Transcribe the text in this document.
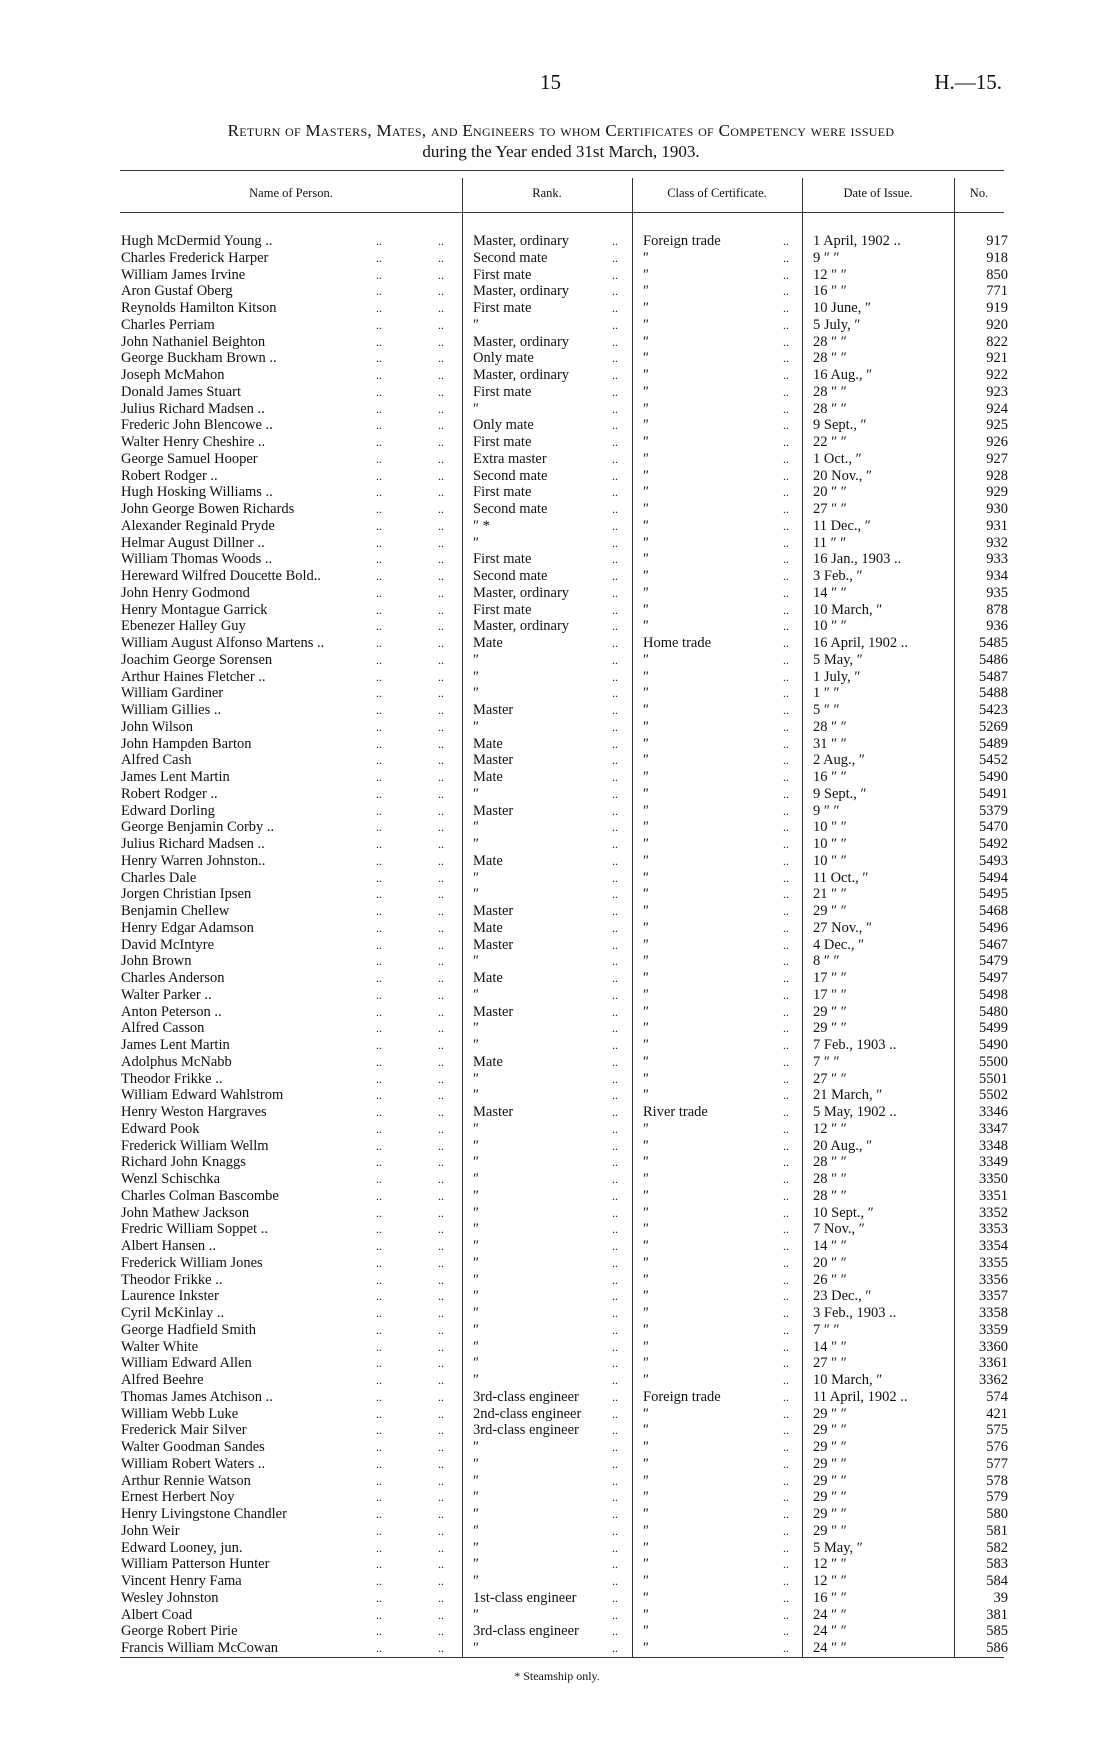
15	H.—15.
Return of Masters, Mates, and Engineers to whom Certificates of Competency were issued
during the Year ended 31st March, 1903.
Name of Person.	Rank.	Class of Certificate.	Date of Issue.	No.
Hugh McDermid Young ..	Master, ordinary	Foreign trade	1 April, 1902 ..	917
..	..	..	..
Charles Frederick Harper	Second mate	″	9 ″ ″	918
..	..	..	..
William James Irvine	First mate	″	12 ″ ″	850
..	..	..	..
Aron Gustaf Oberg	Master, ordinary	″	16 ″ ″	771
..	..	..	..
Reynolds Hamilton Kitson	First mate	″	10 June, ″	919
..	..	..	..
Charles Perriam	″	″	5 July, ″	920
..	..	..	..
John Nathaniel Beighton	Master, ordinary	″	28 ″ ″	822
..	..	..	..
George Buckham Brown ..	Only mate	″	28 ″ ″	921
..	..	..	..
Joseph McMahon	Master, ordinary	″	16 Aug., ″	922
..	..	..	..
Donald James Stuart	First mate	″	28 ″ ″	923
..	..	..	..
Julius Richard Madsen ..	″	″	28 ″ ″	924
..	..	..	..
Frederic John Blencowe ..	Only mate	″	9 Sept., ″	925
..	..	..	..
Walter Henry Cheshire ..	First mate	″	22 ″ ″	926
..	..	..	..
George Samuel Hooper	Extra master	″	1 Oct., ″	927
..	..	..	..
Robert Rodger ..	Second mate	″	20 Nov., ″	928
..	..	..	..
Hugh Hosking Williams ..	First mate	″	20 ″ ″	929
..	..	..	..
John George Bowen Richards	Second mate	″	27 ″ ″	930
..	..	..	..
Alexander Reginald Pryde	″ *	″	11 Dec., ″	931
..	..	..	..
Helmar August Dillner ..	″	″	11 ″ ″	932
..	..	..	..
William Thomas Woods ..	First mate	″	16 Jan., 1903 ..	933
..	..	..	..
Hereward Wilfred Doucette Bold..	Second mate	″	3 Feb., ″	934
..	..	..	..
John Henry Godmond	Master, ordinary	″	14 ″ ″	935
..	..	..	..
Henry Montague Garrick	First mate	″	10 March, ″	878
..	..	..	..
Ebenezer Halley Guy	Master, ordinary	″	10 ″ ″	936
..	..	..	..
William August Alfonso Martens ..	Mate	Home trade	16 April, 1902 ..	5485
..	..	..	..
Joachim George Sorensen	″	″	5 May, ″	5486
..	..	..	..
Arthur Haines Fletcher ..	″	″	1 July, ″	5487
..	..	..	..
William Gardiner	″	″	1 ″ ″	5488
..	..	..	..
William Gillies ..	Master	″	5 ″ ″	5423
..	..	..	..
John Wilson	″	″	28 ″ ″	5269
..	..	..	..
John Hampden Barton	Mate	″	31 ″ ″	5489
..	..	..	..
Alfred Cash	Master	″	2 Aug., ″	5452
..	..	..	..
James Lent Martin	Mate	″	16 ″ ″	5490
..	..	..	..
Robert Rodger ..	″	″	9 Sept., ″	5491
..	..	..	..
Edward Dorling	Master	″	9 ″ ″	5379
..	..	..	..
George Benjamin Corby ..	″	″	10 ″ ″	5470
..	..	..	..
Julius Richard Madsen ..	″	″	10 ″ ″	5492
..	..	..	..
Henry Warren Johnston..	Mate	″	10 ″ ″	5493
..	..	..	..
Charles Dale	″	″	11 Oct., ″	5494
..	..	..	..
Jorgen Christian Ipsen	″	″	21 ″ ″	5495
..	..	..	..
Benjamin Chellew	Master	″	29 ″ ″	5468
..	..	..	..
Henry Edgar Adamson	Mate	″	27 Nov., ″	5496
..	..	..	..
David McIntyre	Master	″	4 Dec., ″	5467
..	..	..	..
John Brown	″	″	8 ″ ″	5479
..	..	..	..
Charles Anderson	Mate	″	17 ″ ″	5497
..	..	..	..
Walter Parker ..	″	″	17 ″ ″	5498
..	..	..	..
Anton Peterson ..	Master	″	29 ″ ″	5480
..	..	..	..
Alfred Casson	″	″	29 ″ ″	5499
..	..	..	..
James Lent Martin	″	″	7 Feb., 1903 ..	5490
..	..	..	..
Adolphus McNabb	Mate	″	7 ″ ″	5500
..	..	..	..
Theodor Frikke ..	″	″	27 ″ ″	5501
..	..	..	..
William Edward Wahlstrom	″	″	21 March, ″	5502
..	..	..	..
Henry Weston Hargraves	Master	River trade	5 May, 1902 ..	3346
..	..	..	..
Edward Pook	″	″	12 ″ ″	3347
..	..	..	..
Frederick William Wellm	″	″	20 Aug., ″	3348
..	..	..	..
Richard John Knaggs	″	″	28 ″ ″	3349
..	..	..	..
Wenzl Schischka	″	″	28 ″ ″	3350
..	..	..	..
Charles Colman Bascombe	″	″	28 ″ ″	3351
..	..	..	..
John Mathew Jackson	″	″	10 Sept., ″	3352
..	..	..	..
Fredric William Soppet ..	″	″	7 Nov., ″	3353
..	..	..	..
Albert Hansen ..	″	″	14 ″ ″	3354
..	..	..	..
Frederick William Jones	″	″	20 ″ ″	3355
..	..	..	..
Theodor Frikke ..	″	″	26 ″ ″	3356
..	..	..	..
Laurence Inkster	″	″	23 Dec., ″	3357
..	..	..	..
Cyril McKinlay ..	″	″	3 Feb., 1903 ..	3358
..	..	..	..
George Hadfield Smith	″	″	7 ″ ″	3359
..	..	..	..
Walter White	″	″	14 ″ ″	3360
..	..	..	..
William Edward Allen	″	″	27 ″ ″	3361
..	..	..	..
Alfred Beehre	″	″	10 March, ″	3362
..	..	..	..
Thomas James Atchison ..	3rd-class engineer	Foreign trade	11 April, 1902 ..	574
..	..	..	..
William Webb Luke	2nd-class engineer	″	29 ″ ″	421
..	..	..	..
Frederick Mair Silver	3rd-class engineer	″	29 ″ ″	575
..	..	..	..
Walter Goodman Sandes	″	″	29 ″ ″	576
..	..	..	..
William Robert Waters ..	″	″	29 ″ ″	577
..	..	..	..
Arthur Rennie Watson	″	″	29 ″ ″	578
..	..	..	..
Ernest Herbert Noy	″	″	29 ″ ″	579
..	..	..	..
Henry Livingstone Chandler	″	″	29 ″ ″	580
..	..	..	..
John Weir	″	″	29 ″ ″	581
..	..	..	..
Edward Looney, jun.	″	″	5 May, ″	582
..	..	..	..
William Patterson Hunter	″	″	12 ″ ″	583
..	..	..	..
Vincent Henry Fama	″	″	12 ″ ″	584
..	..	..	..
Wesley Johnston	1st-class engineer	″	16 ″ ″	39
..	..	..	..
Albert Coad	″	″	24 ″ ″	381
..	..	..	..
George Robert Pirie	3rd-class engineer	″	24 ″ ″	585
..	..	..	..
Francis William McCowan	″	″	24 ″ ″	586
..	..	..	..
* Steamship only.
